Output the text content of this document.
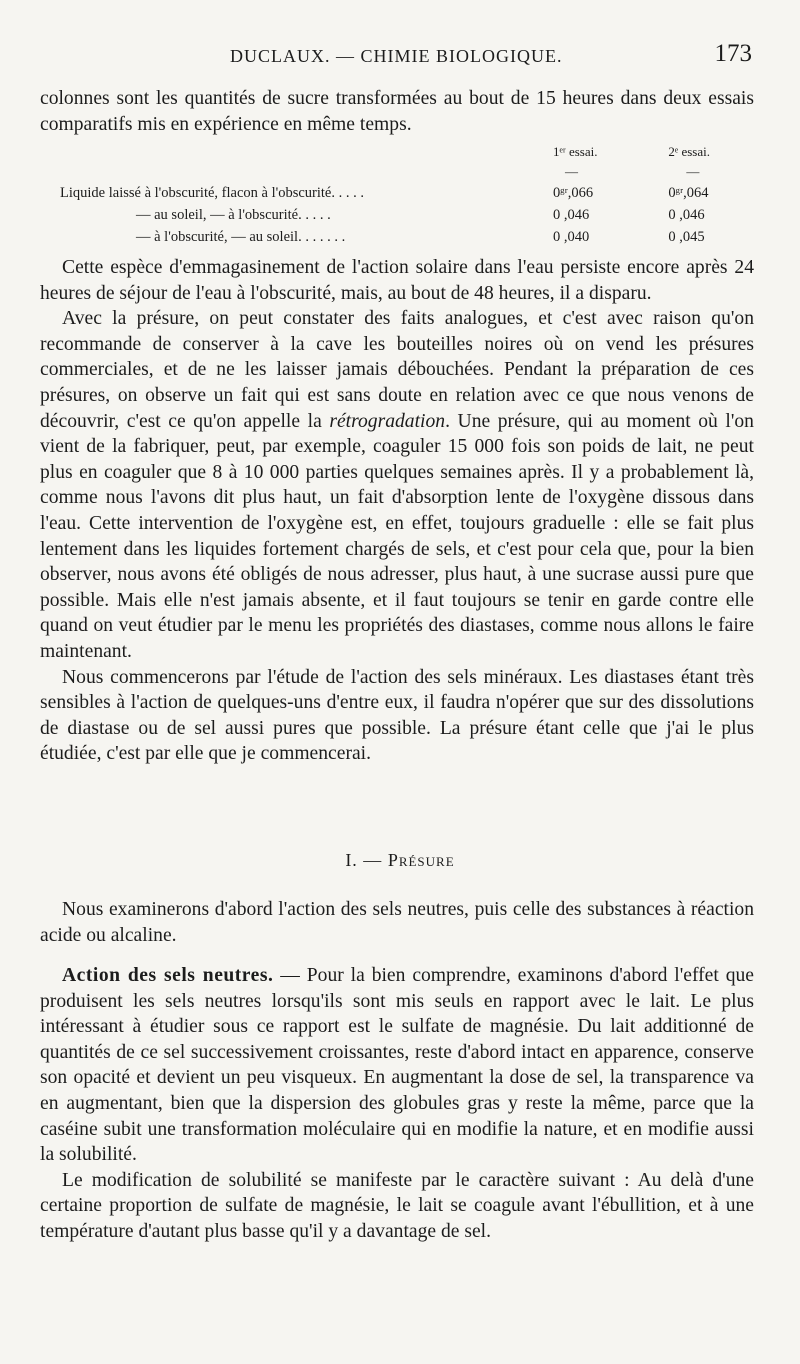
DUCLAUX. — CHIMIE BIOLOGIQUE.	173

colonnes sont les quantités de sucre transformées au bout de 15 heures dans deux essais comparatifs mis en expérience en même temps.

	1ᵉʳ essai.	2ᵉ essai.
	—	—
Liquide laissé à l'obscurité, flacon à l'obscurité. . . . .	0ᵍʳ,066	0ᵍʳ,064
— au soleil, — à l'obscurité. . . . .	0 ,046	0 ,046
— à l'obscurité, — au soleil. . . . . . .	0 ,040	0 ,045

Cette espèce d'emmagasinement de l'action solaire dans l'eau persiste encore après 24 heures de séjour de l'eau à l'obscurité, mais, au bout de 48 heures, il a disparu.

Avec la présure, on peut constater des faits analogues, et c'est avec raison qu'on recommande de conserver à la cave les bouteilles noires où on vend les présures commerciales, et de ne les laisser jamais débouchées. Pendant la préparation de ces présures, on observe un fait qui est sans doute en relation avec ce que nous venons de découvrir, c'est ce qu'on appelle la rétrogradation. Une présure, qui au moment où l'on vient de la fabriquer, peut, par exemple, coaguler 15 000 fois son poids de lait, ne peut plus en coaguler que 8 à 10 000 parties quelques semaines après. Il y a probablement là, comme nous l'avons dit plus haut, un fait d'absorption lente de l'oxygène dissous dans l'eau. Cette intervention de l'oxygène est, en effet, toujours graduelle : elle se fait plus lentement dans les liquides fortement chargés de sels, et c'est pour cela que, pour la bien observer, nous avons été obligés de nous adresser, plus haut, à une sucrase aussi pure que possible. Mais elle n'est jamais absente, et il faut toujours se tenir en garde contre elle quand on veut étudier par le menu les propriétés des diastases, comme nous allons le faire maintenant.

Nous commencerons par l'étude de l'action des sels minéraux. Les diastases étant très sensibles à l'action de quelques-uns d'entre eux, il faudra n'opérer que sur des dissolutions de diastase ou de sel aussi pures que possible. La présure étant celle que j'ai le plus étudiée, c'est par elle que je commencerai.

I. — Présure

Nous examinerons d'abord l'action des sels neutres, puis celle des substances à réaction acide ou alcaline.

Action des sels neutres. — Pour la bien comprendre, examinons d'abord l'effet que produisent les sels neutres lorsqu'ils sont mis seuls en rapport avec le lait. Le plus intéressant à étudier sous ce rapport est le sulfate de magnésie. Du lait additionné de quantités de ce sel successivement croissantes, reste d'abord intact en apparence, conserve son opacité et devient un peu visqueux. En augmentant la dose de sel, la transparence va en augmentant, bien que la dispersion des globules gras y reste la même, parce que la caséine subit une transformation moléculaire qui en modifie la nature, et en modifie aussi la solubilité.

Le modification de solubilité se manifeste par le caractère suivant : Au delà d'une certaine proportion de sulfate de magnésie, le lait se coagule avant l'ébullition, et à une température d'autant plus basse qu'il y a davantage de sel.
